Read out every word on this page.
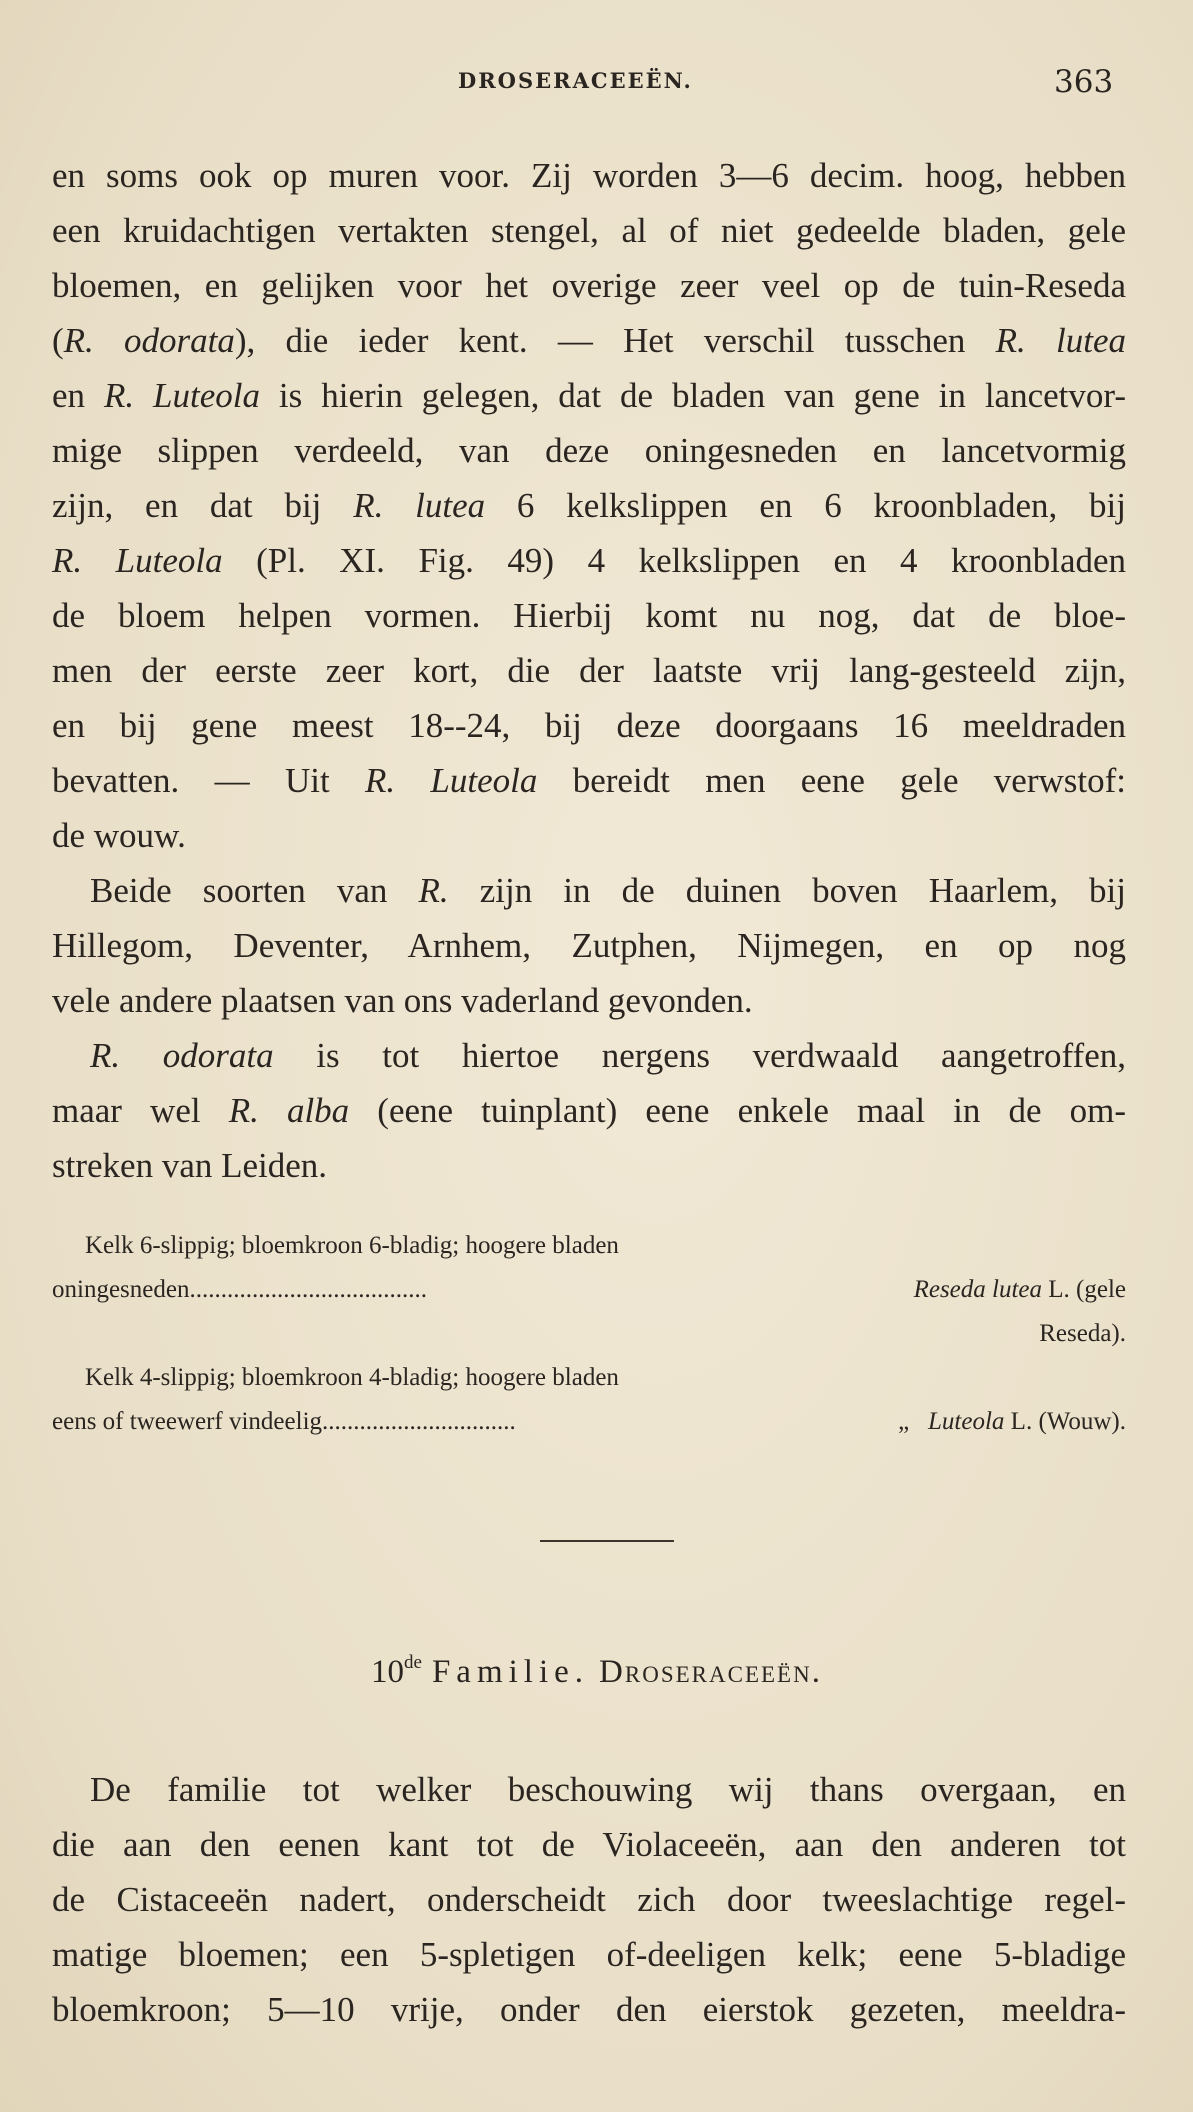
DROSERACEEËN.	363
en soms ook op muren voor. Zij worden 3—6 decim. hoog, hebben
een kruidachtigen vertakten stengel, al of niet gedeelde bladen, gele
bloemen, en gelijken voor het overige zeer veel op de tuin-Reseda
(R. odorata), die ieder kent. — Het verschil tusschen R. lutea
en R. Luteola is hierin gelegen, dat de bladen van gene in lancetvor-
mige slippen verdeeld, van deze oningesneden en lancetvormig
zijn, en dat bij R. lutea 6 kelkslippen en 6 kroonbladen, bij
R. Luteola (Pl. XI. Fig. 49) 4 kelkslippen en 4 kroonbladen
de bloem helpen vormen. Hierbij komt nu nog, dat de bloe-
men der eerste zeer kort, die der laatste vrij lang-gesteeld zijn,
en bij gene meest 18--24, bij deze doorgaans 16 meeldraden
bevatten. — Uit R. Luteola bereidt men eene gele verwstof:
de wouw.
Beide soorten van R. zijn in de duinen boven Haarlem, bij
Hillegom, Deventer, Arnhem, Zutphen, Nijmegen, en op nog
vele andere plaatsen van ons vaderland gevonden.
R. odorata is tot hiertoe nergens verdwaald aangetroffen,
maar wel R. alba (eene tuinplant) eene enkele maal in de om-
streken van Leiden.
Kelk 6-slippig; bloemkroon 6-bladig; hoogere bladen
oningesneden......................................	Reseda lutea L. (gele
Reseda).
Kelk 4-slippig; bloemkroon 4-bladig; hoogere bladen
eens of tweewerf vindeelig...............................	„ Luteola L. (Wouw).
10de Familie. Droseraceeën.
De familie tot welker beschouwing wij thans overgaan, en
die aan den eenen kant tot de Violaceeën, aan den anderen tot
de Cistaceeën nadert, onderscheidt zich door tweeslachtige regel-
matige bloemen; een 5-spletigen of-deeligen kelk; eene 5-bladige
bloemkroon; 5—10 vrije, onder den eierstok gezeten, meeldra-
